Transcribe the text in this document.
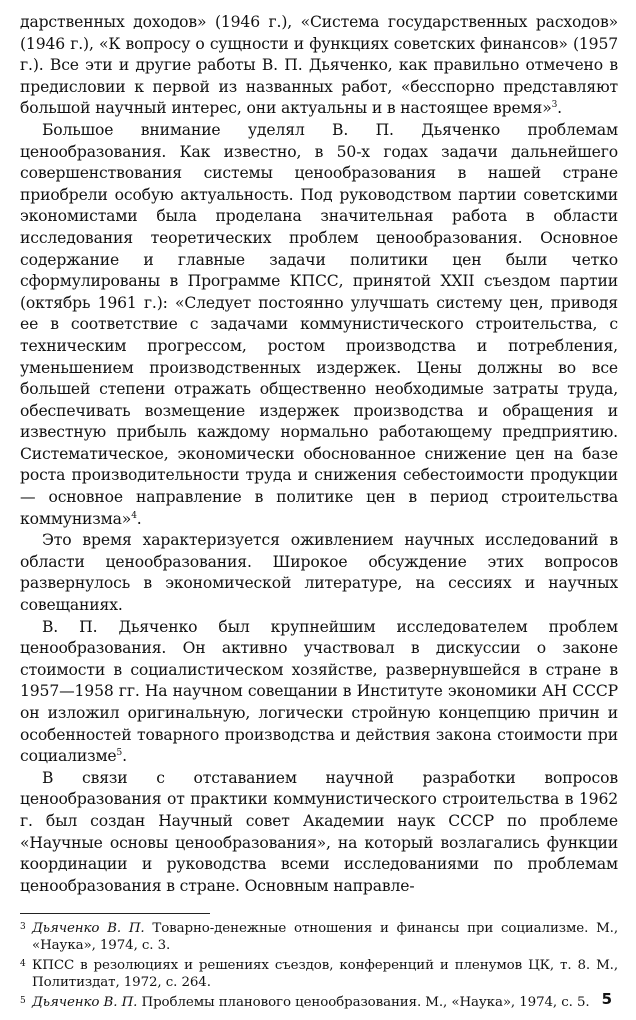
дарственных доходов» (1946 г.), «Система государственных расходов» (1946 г.), «К вопросу о сущности и функциях советских финансов» (1957 г.). Все эти и другие работы В. П. Дьяченко, как правильно отмечено в предисловии к первой из названных работ, «бесспорно представляют большой научный интерес, они актуальны и в настоящее время»$^3$.

Большое внимание уделял В. П. Дьяченко проблемам ценообразования. Как известно, в 50-х годах задачи дальнейшего совершенствования системы ценообразования в нашей стране приобрели особую актуальность. Под руководством партии советскими экономистами была проделана значительная работа в области исследования теоретических проблем ценообразования. Основное содержание и главные задачи политики цен были четко сформулированы в Программе КПСС, принятой XXII съездом партии (октябрь 1961 г.): «Следует постоянно улучшать систему цен, приводя ее в соответствие с задачами коммунистического строительства, с техническим прогрессом, ростом производства и потребления, уменьшением производственных издержек. Цены должны во все большей степени отражать общественно необходимые затраты труда, обеспечивать возмещение издержек производства и обращения и известную прибыль каждому нормально работающему предприятию. Систематическое, экономически обоснованное снижение цен на базе роста производительности труда и снижения себестоимости продукции — основное направление в политике цен в период строительства коммунизма»$^4$.

Это время характеризуется оживлением научных исследований в области ценообразования. Широкое обсуждение этих вопросов развернулось в экономической литературе, на сессиях и научных совещаниях.

В. П. Дьяченко был крупнейшим исследователем проблем ценообразования. Он активно участвовал в дискуссии о законе стоимости в социалистическом хозяйстве, развернувшейся в стране в 1957—1958 гг. На научном совещании в Институте экономики АН СССР он изложил оригинальную, логически стройную концепцию причин и особенностей товарного производства и действия закона стоимости при социализме$^5$.

В связи с отставанием научной разработки вопросов ценообразования от практики коммунистического строительства в 1962 г. был создан Научный совет Академии наук СССР по проблеме «Научные основы ценообразования», на который возлагались функции координации и руководства всеми исследованиями по проблемам ценообразования в стране. Основным направле-

3 Дьяченко В. П. Товарно-денежные отношения и финансы при социализме. М., «Наука», 1974, с. 3.
4 КПСС в резолюциях и решениях съездов, конференций и пленумов ЦК, т. 8. М., Политиздат, 1972, с. 264.
5 Дьяченко В. П. Проблемы планового ценообразования. М., «Наука», 1974, с. 5. 5
